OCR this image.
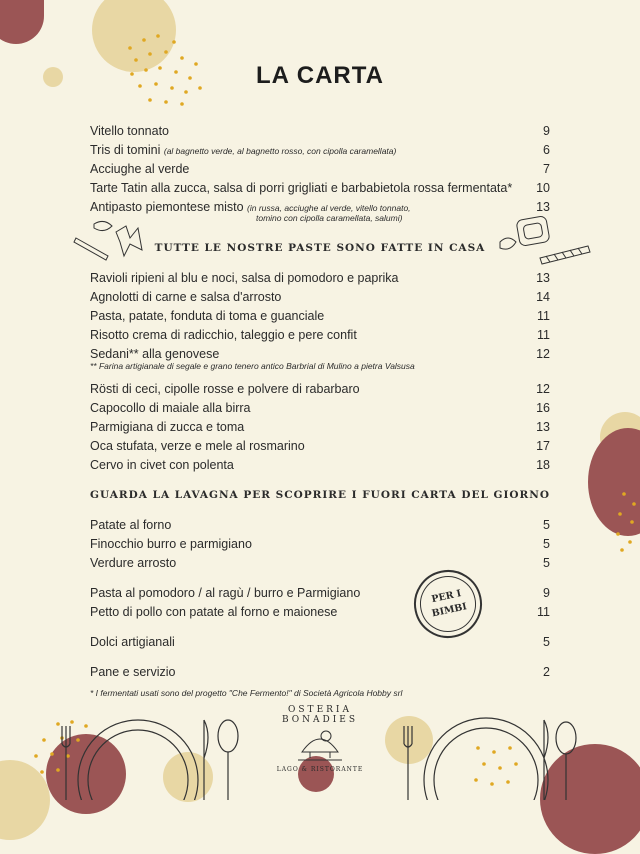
LA CARTA
Vitello tonnato	9
Tris di tomini (al bagnetto verde, al bagnetto rosso, con cipolla caramellata)	6
Acciughe al verde	7
Tarte Tatin alla zucca, salsa di porri grigliati e barbabietola rossa fermentata* 10
Antipasto piemontese misto (in russa, acciughe al verde, vitello tonnato,	13
tomino con cipolla caramellata, salumi)
TUTTE LE NOSTRE PASTE SONO FATTE IN CASA
Ravioli ripieni al blu e noci, salsa di pomodoro e paprika	13
Agnolotti di carne e salsa d'arrosto	14
Pasta, patate, fonduta di toma e guanciale	11
Risotto crema di radicchio, taleggio e pere confit	11
Sedani** alla genovese	12
** Farina artigianale di segale e grano tenero antico Barbrial di Mulino a pietra Valsusa
Rösti di ceci, cipolle rosse e polvere di rabarbaro	12
Capocollo di maiale alla birra	16
Parmigiana di zucca e toma	13
Oca stufata, verze e mele al rosmarino	17
Cervo in civet con polenta	18
GUARDA LA LAVAGNA PER SCOPRIRE I FUORI CARTA DEL GIORNO
Patate al forno	5
Finocchio burro e parmigiano	5
Verdure arrosto	5
Pasta al pomodoro / al ragù / burro e Parmigiano	9
Petto di pollo con patate al forno e maionese	11
PER I
BIMBI
Dolci artigianali	5
Pane e servizio	2
* I fermentati usati sono del progetto "Che Fermento!" di Società Agricola Hobby srl
OSTERIA BONADIES
LAGO & RISTORANTE
